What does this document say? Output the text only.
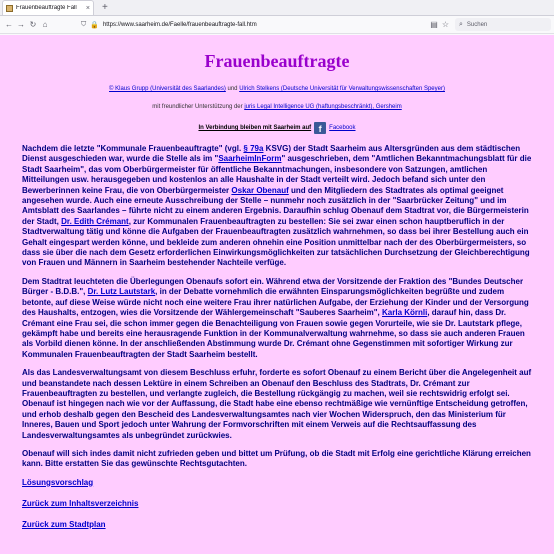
Frauenbeauftragte Fall	× +
← → ↻ ⌂	⛉ 🔒 https://www.saarheim.de/Faelle/frauenbeauftragte-fall.htm	▤ ☆ ⌕ Suchen
Frauenbeauftragte
© Klaus Grupp (Universität des Saarlandes) und Ulrich Stelkens (Deutsche Universität für Verwaltungswissenschaften Speyer)
mit freundlicher Unterstützung der juris Legal Intelligence UG (haftungsbeschränkt), Gersheim
In Verbindung bleiben mit Saarheim auf f	Facebook

Nachdem die letzte "Kommunale Frauenbeauftragte" (vgl. § 79a KSVG) der Stadt Saarheim aus Altersgründen aus dem städtischen Dienst ausgeschieden war, wurde die Stelle als im "SaarheimInForm" ausgeschrieben, dem "Amtlichen Bekanntmachungsblatt für die Stadt Saarheim", das vom Oberbürgermeister für öffentliche Bekanntmachungen, insbesondere von Satzungen, amtlichen Mitteilungen usw. herausgegeben und kostenlos an alle Haushalte in der Stadt verteilt wird. Jedoch befand sich unter den Bewerberinnen keine Frau, die von Oberbürgermeister Oskar Obenauf und den Mitgliedern des Stadtrates als optimal geeignet angesehen wurde. Auch eine erneute Ausschreibung der Stelle – nunmehr noch zusätzlich in der "Saarbrücker Zeitung" und im Amtsblatt des Saarlandes – führte nicht zu einem anderen Ergebnis. Daraufhin schlug Obenauf dem Stadtrat vor, die Bürgermeisterin der Stadt, Dr. Edith Crémant, zur Kommunalen Frauenbeauftragten zu bestellen: Sie sei zwar einen schon hauptberuflich in der Stadtverwaltung tätig und könne die Aufgaben der Frauenbeauftragten zusätzlich wahrnehmen, so dass bei ihrer Bestellung auch ein Gehalt eingespart werden könne, und bekleide zum anderen ohnehin eine Position unmittelbar nach der des Oberbürgermeisters, so dass sie über die nach dem Gesetz erforderlichen Einwirkungsmöglichkeiten zur tatsächlichen Durchsetzung der Gleichberechtigung von Frauen und Männern in Saarheim bestehender Nachteile verfüge.

Dem Stadtrat leuchteten die Überlegungen Obenaufs sofort ein. Während etwa der Vorsitzende der Fraktion des "Bundes Deutscher Bürger - B.D.B.", Dr. Lutz Lautstark, in der Debatte vornehmlich die erwähnten Einsparungsmöglichkeiten begrüßte und zudem betonte, auf diese Weise würde nicht noch eine weitere Frau ihrer natürlichen Aufgabe, der Erziehung der Kinder und der Versorgung des Haushalts, entzogen, wies die Vorsitzende der Wählergemeinschaft "Sauberes Saarheim", Karla Körnli, darauf hin, dass Dr. Crémant eine Frau sei, die schon immer gegen die Benachteiligung von Frauen sowie gegen Vorurteile, wie sie Dr. Lautstark pflege, gekämpft habe und bereits eine herausragende Funktion in der Kommunalverwaltung wahrnehme, so dass sie auch anderen Frauen als Vorbild dienen könne. In der anschließenden Abstimmung wurde Dr. Crémant ohne Gegenstimmen mit sofortiger Wirkung zur Kommunalen Frauenbeauftragten der Stadt Saarheim bestellt.

Als das Landesverwaltungsamt von diesem Beschluss erfuhr, forderte es sofort Obenauf zu einem Bericht über die Angelegenheit auf und beanstandete nach dessen Lektüre in einem Schreiben an Obenauf den Beschluss des Stadtrats, Dr. Crémant zur Frauenbeauftragten zu bestellen, und verlangte zugleich, die Bestellung rückgängig zu machen, weil sie rechtswidrig erfolgt sei. Obenauf ist hingegen nach wie vor der Auffassung, die Stadt habe eine ebenso rechtmäßige wie vernünftige Entscheidung getroffen, und erhob deshalb gegen den Bescheid des Landesverwaltungsamtes nach vier Wochen Widerspruch, den das Ministerium für Inneres, Bauen und Sport jedoch unter Wahrung der Formvorschriften mit einem Verweis auf die Rechtsauffassung des Landesverwaltungsamtes als unbegründet zurückwies.

Obenauf will sich indes damit nicht zufrieden geben und bittet um Prüfung, ob die Stadt mit Erfolg eine gerichtliche Klärung erreichen kann. Bitte erstatten Sie das gewünschte Rechtsgutachten.

Lösungsvorschlag
Zurück zum Inhaltsverzeichnis
Zurück zum Stadtplan
